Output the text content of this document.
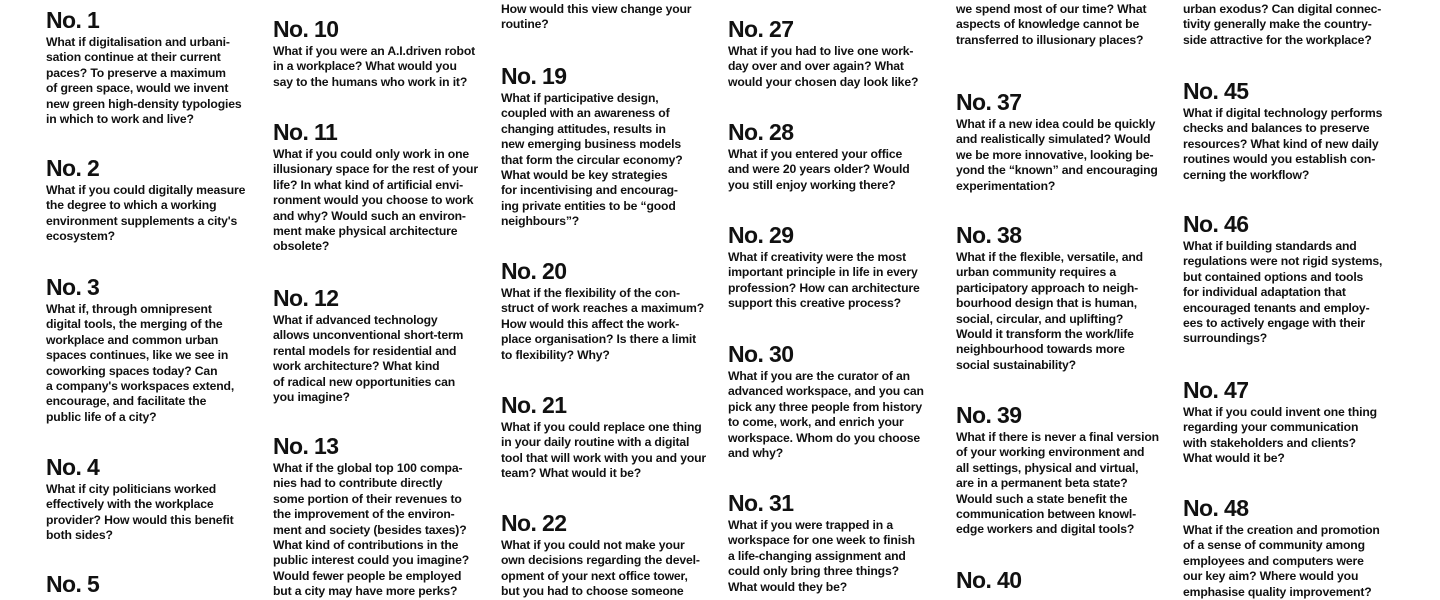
No. 1
What if digitalisation and urbani-
sation continue at their current
paces? To preserve a maximum
of green space, would we invent
new green high-density typologies
in which to work and live?
No. 2
What if you could digitally measure
the degree to which a working
environment supplements a city's
ecosystem?
No. 3
What if, through omnipresent
digital tools, the merging of the
workplace and common urban
spaces continues, like we see in
coworking spaces today? Can
a company's workspaces extend,
encourage, and facilitate the
public life of a city?
No. 4
What if city politicians worked
effectively with the workplace
provider? How would this benefit
both sides?
No. 5
No. 10
What if you were an A.I.driven robot
in a workplace? What would you
say to the humans who work in it?
No. 11
What if you could only work in one
illusionary space for the rest of your
life? In what kind of artificial envi-
ronment would you choose to work
and why? Would such an environ-
ment make physical architecture
obsolete?
No. 12
What if advanced technology
allows unconventional short-term
rental models for residential and
work architecture? What kind
of radical new opportunities can
you imagine?
No. 13
What if the global top 100 compa-
nies had to contribute directly
some portion of their revenues to
the improvement of the environ-
ment and society (besides taxes)?
What kind of contributions in the
public interest could you imagine?
Would fewer people be employed
but a city may have more perks?
How would this view change your
routine?
No. 19
What if participative design,
coupled with an awareness of
changing attitudes, results in
new emerging business models
that form the circular economy?
What would be key strategies
for incentivising and encourag-
ing private entities to be “good
neighbours”?
No. 20
What if the flexibility of the con-
struct of work reaches a maximum?
How would this affect the work-
place organisation? Is there a limit
to flexibility? Why?
No. 21
What if you could replace one thing
in your daily routine with a digital
tool that will work with you and your
team? What would it be?
No. 22
What if you could not make your
own decisions regarding the devel-
opment of your next office tower,
but you had to choose someone
No. 27
What if you had to live one work-
day over and over again? What
would your chosen day look like?
No. 28
What if you entered your office
and were 20 years older? Would
you still enjoy working there?
No. 29
What if creativity were the most
important principle in life in every
profession? How can architecture
support this creative process?
No. 30
What if you are the curator of an
advanced workspace, and you can
pick any three people from history
to come, work, and enrich your
workspace. Whom do you choose
and why?
No. 31
What if you were trapped in a
workspace for one week to finish
a life-changing assignment and
could only bring three things?
What would they be?
we spend most of our time? What
aspects of knowledge cannot be
transferred to illusionary places?
No. 37
What if a new idea could be quickly
and realistically simulated? Would
we be more innovative, looking be-
yond the “known” and encouraging
experimentation?
No. 38
What if the flexible, versatile, and
urban community requires a
participatory approach to neigh-
bourhood design that is human,
social, circular, and uplifting?
Would it transform the work/life
neighbourhood towards more
social sustainability?
No. 39
What if there is never a final version
of your working environment and
all settings, physical and virtual,
are in a permanent beta state?
Would such a state benefit the
communication between knowl-
edge workers and digital tools?
No. 40
urban exodus? Can digital connec-
tivity generally make the country-
side attractive for the workplace?
No. 45
What if digital technology performs
checks and balances to preserve
resources? What kind of new daily
routines would you establish con-
cerning the workflow?
No. 46
What if building standards and
regulations were not rigid systems,
but contained options and tools
for individual adaptation that
encouraged tenants and employ-
ees to actively engage with their
surroundings?
No. 47
What if you could invent one thing
regarding your communication
with stakeholders and clients?
What would it be?
No. 48
What if the creation and promotion
of a sense of community among
employees and computers were
our key aim? Where would you
emphasise quality improvement?
